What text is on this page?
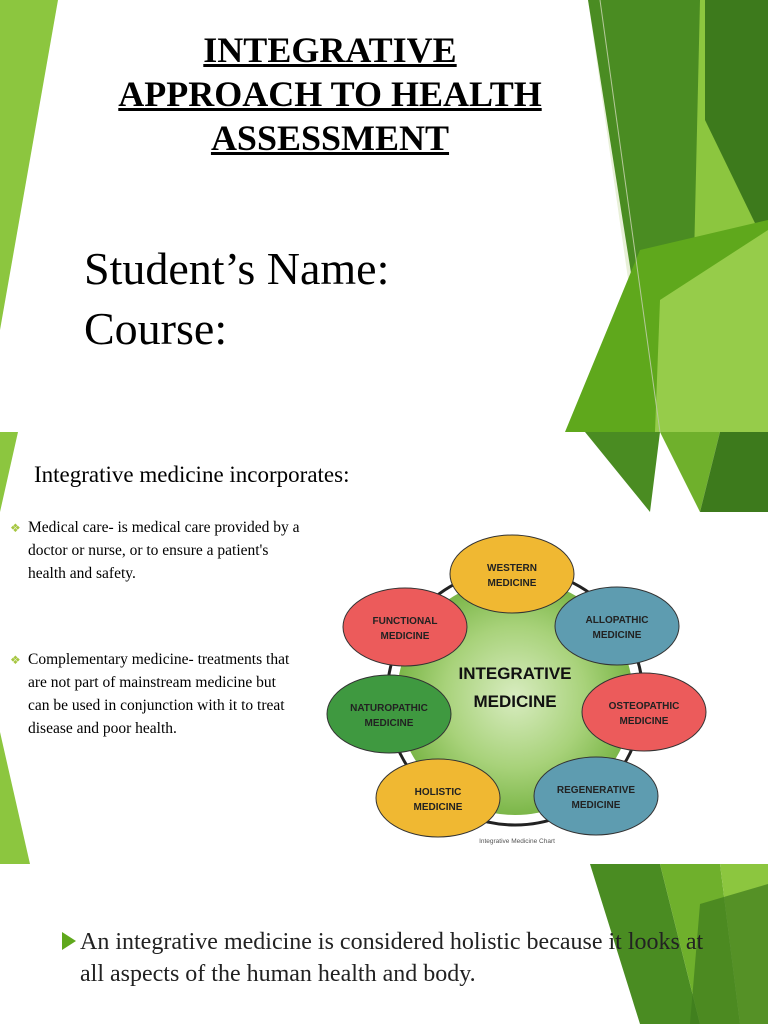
INTEGRATIVE
APPROACH TO HEALTH
ASSESSMENT
Student’s Name:
Course:
Integrative medicine incorporates:
❖ Medical care- is medical care provided by a doctor or nurse, or to ensure a patient's health and safety.
❖ Complementary medicine- treatments that are not part of mainstream medicine but can be used in conjunction with it to treat disease and poor health.
INTEGRATIVE
MEDICINE
WESTERN
MEDICINE
ALLOPATHIC
MEDICINE
OSTEOPATHIC
MEDICINE
REGENERATIVE
MEDICINE
HOLISTIC
MEDICINE
NATUROPATHIC
MEDICINE
FUNCTIONAL
MEDICINE
Integrative Medicine Chart
An integrative medicine is considered holistic because it looks at all aspects of the human health and body.
